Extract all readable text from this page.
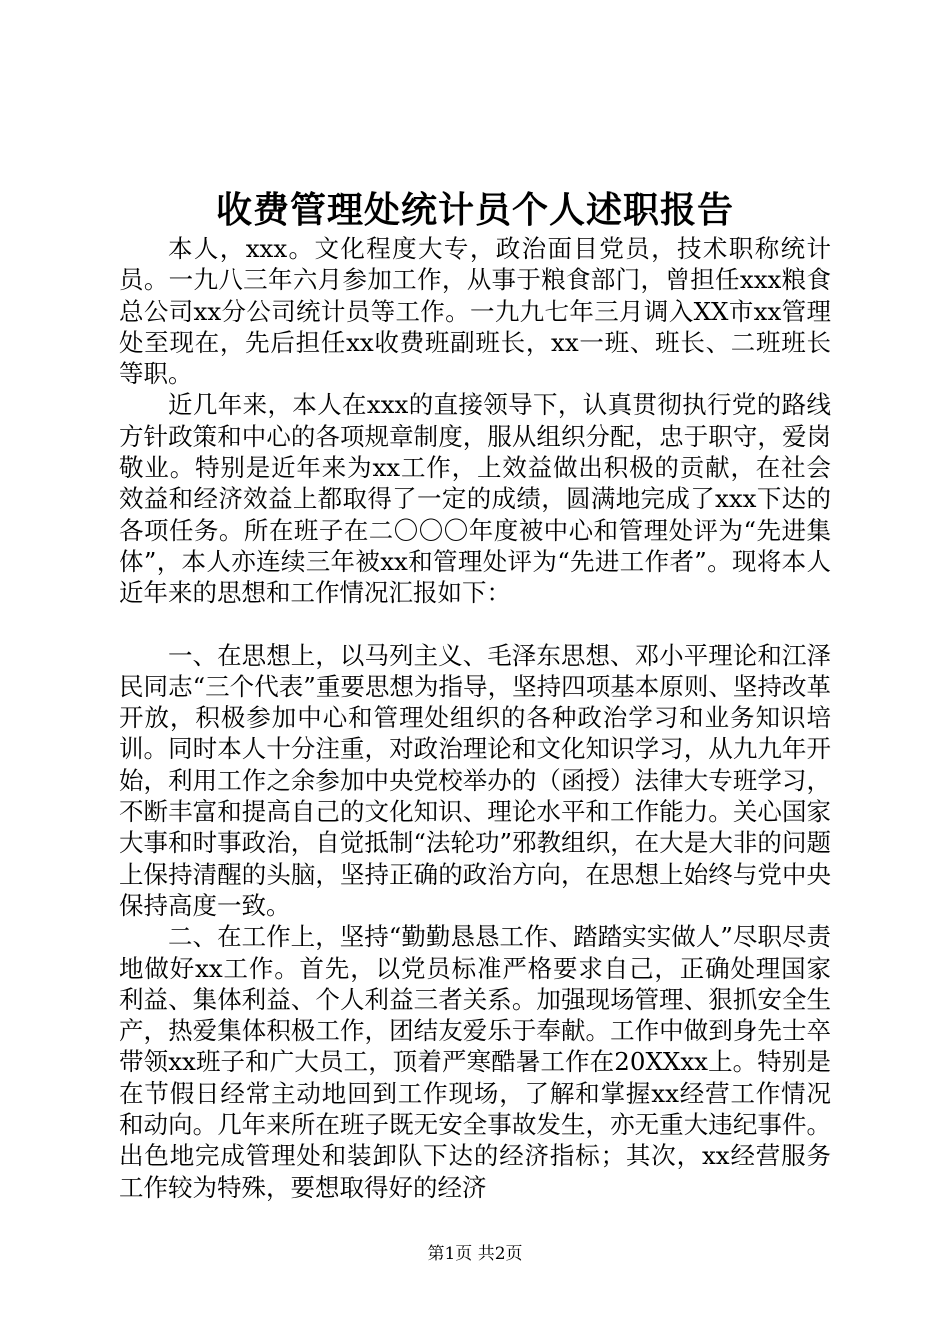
收费管理处统计员个人述职报告

本人，xxx。文化程度大专，政治面目党员，技术职称统计员。一九八三年六月参加工作，从事于粮食部门，曾担任xxx粮食总公司xx分公司统计员等工作。一九九七年三月调入XX市xx管理处至现在，先后担任xx收费班副班长，xx一班、班长、二班班长等职。

近几年来，本人在xxx的直接领导下，认真贯彻执行党的路线方针政策和中心的各项规章制度，服从组织分配，忠于职守，爱岗敬业。特别是近年来为xx工作，上效益做出积极的贡献，在社会效益和经济效益上都取得了一定的成绩，圆满地完成了xxx下达的各项任务。所在班子在二〇〇〇年度被中心和管理处评为“先进集体”，本人亦连续三年被xx和管理处评为“先进工作者”。现将本人近年来的思想和工作情况汇报如下：

一、在思想上，以马列主义、毛泽东思想、邓小平理论和江泽民同志“三个代表”重要思想为指导，坚持四项基本原则、坚持改革开放，积极参加中心和管理处组织的各种政治学习和业务知识培训。同时本人十分注重，对政治理论和文化知识学习，从九九年开始，利用工作之余参加中央党校举办的（函授）法律大专班学习，不断丰富和提高自己的文化知识、理论水平和工作能力。关心国家大事和时事政治，自觉抵制“法轮功”邪教组织，在大是大非的问题上保持清醒的头脑，坚持正确的政治方向，在思想上始终与党中央保持高度一致。

二、在工作上，坚持“勤勤恳恳工作、踏踏实实做人”尽职尽责地做好xx工作。首先，以党员标准严格要求自己，正确处理国家利益、集体利益、个人利益三者关系。加强现场管理、狠抓安全生产，热爱集体积极工作，团结友爱乐于奉献。工作中做到身先士卒带领xx班子和广大员工，顶着严寒酷暑工作在20XXxx上。特别是在节假日经常主动地回到工作现场，了解和掌握xx经营工作情况和动向。几年来所在班子既无安全事故发生，亦无重大违纪事件。出色地完成管理处和装卸队下达的经济指标；其次，xx经营服务工作较为特殊，要想取得好的经济

第1页 共2页
